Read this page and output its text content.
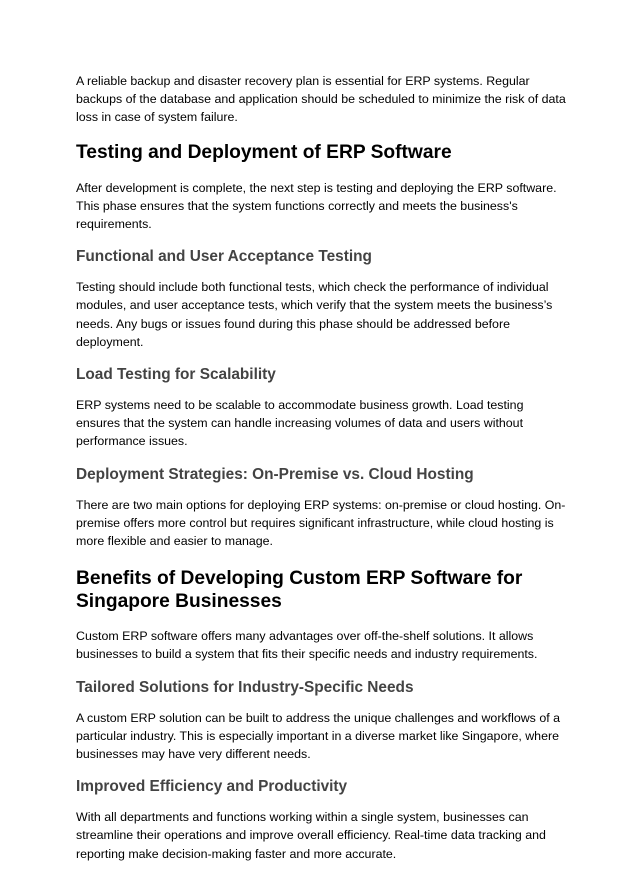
A reliable backup and disaster recovery plan is essential for ERP systems. Regular backups of the database and application should be scheduled to minimize the risk of data loss in case of system failure.

Testing and Deployment of ERP Software

After development is complete, the next step is testing and deploying the ERP software. This phase ensures that the system functions correctly and meets the business's requirements.

Functional and User Acceptance Testing

Testing should include both functional tests, which check the performance of individual modules, and user acceptance tests, which verify that the system meets the business’s needs. Any bugs or issues found during this phase should be addressed before deployment.

Load Testing for Scalability

ERP systems need to be scalable to accommodate business growth. Load testing ensures that the system can handle increasing volumes of data and users without performance issues.

Deployment Strategies: On-Premise vs. Cloud Hosting

There are two main options for deploying ERP systems: on-premise or cloud hosting. On-premise offers more control but requires significant infrastructure, while cloud hosting is more flexible and easier to manage.

Benefits of Developing Custom ERP Software for Singapore Businesses

Custom ERP software offers many advantages over off-the-shelf solutions. It allows businesses to build a system that fits their specific needs and industry requirements.

Tailored Solutions for Industry-Specific Needs

A custom ERP solution can be built to address the unique challenges and workflows of a particular industry. This is especially important in a diverse market like Singapore, where businesses may have very different needs.

Improved Efficiency and Productivity

With all departments and functions working within a single system, businesses can streamline their operations and improve overall efficiency. Real-time data tracking and reporting make decision-making faster and more accurate.
